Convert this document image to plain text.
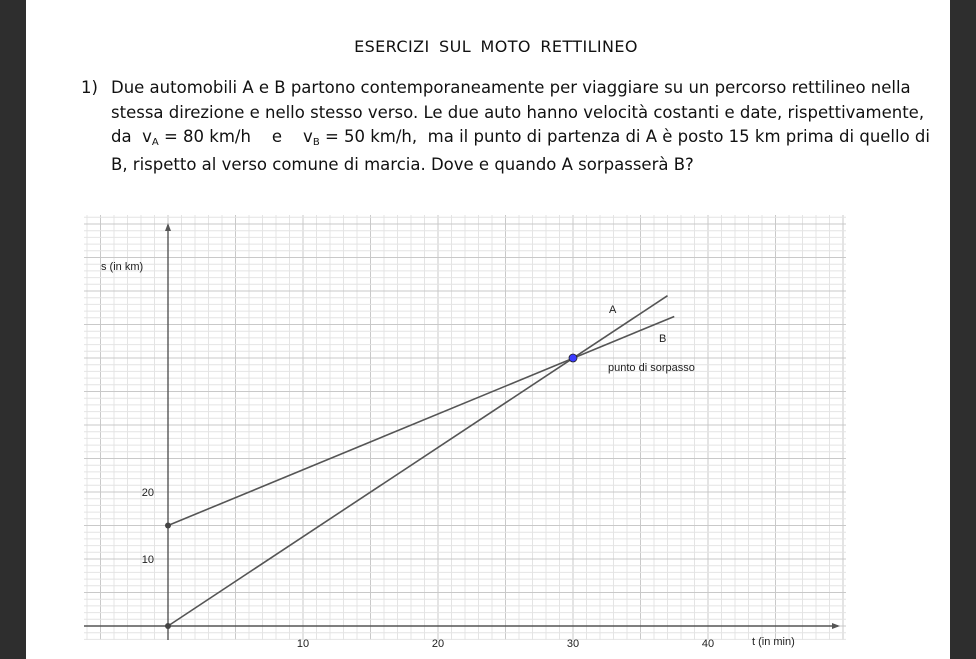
ESERCIZI SUL MOTO RETTILINEO
1) Due automobili A e B partono contemporaneamente per viaggiare su un percorso rettilineo nella stessa direzione e nello stesso verso. Le due auto hanno velocità costanti e date, rispettivamente, da vA = 80 km/h e vB = 50 km/h, ma il punto di partenza di A è posto 15 km prima di quello di B, rispetto al verso comune di marcia. Dove e quando A sorpasserà B?
10	20	30	40
10
20
s (in km)
t (in min)
A
B
punto di sorpasso
